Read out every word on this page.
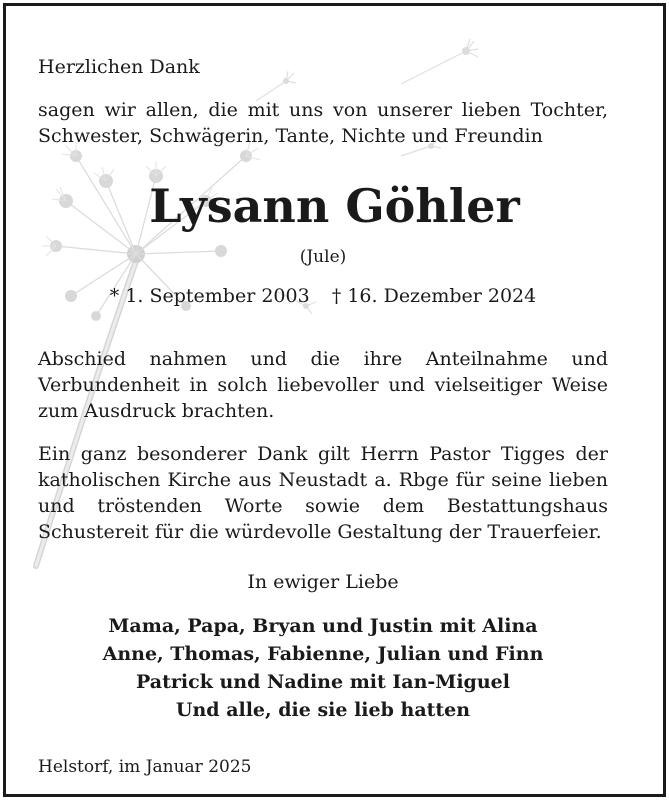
Herzlichen Dank

sagen wir allen, die mit uns von unserer lieben Tochter, Schwester, Schwägerin, Tante, Nichte und Freundin

Lysann Göhler
(Jule)
* 1. September 2003 † 16. Dezember 2024

Abschied nahmen und die ihre Anteilnahme und Verbundenheit in solch liebevoller und vielseitiger Weise zum Ausdruck brachten.

Ein ganz besonderer Dank gilt Herrn Pastor Tigges der katholischen Kirche aus Neustadt a. Rbge für seine lieben und tröstenden Worte sowie dem Bestattungshaus Schustereit für die würdevolle Gestaltung der Trauerfeier.

In ewiger Liebe
Mama, Papa, Bryan und Justin mit Alina
Anne, Thomas, Fabienne, Julian und Finn
Patrick und Nadine mit Ian-Miguel
Und alle, die sie lieb hatten
Helstorf, im Januar 2025
